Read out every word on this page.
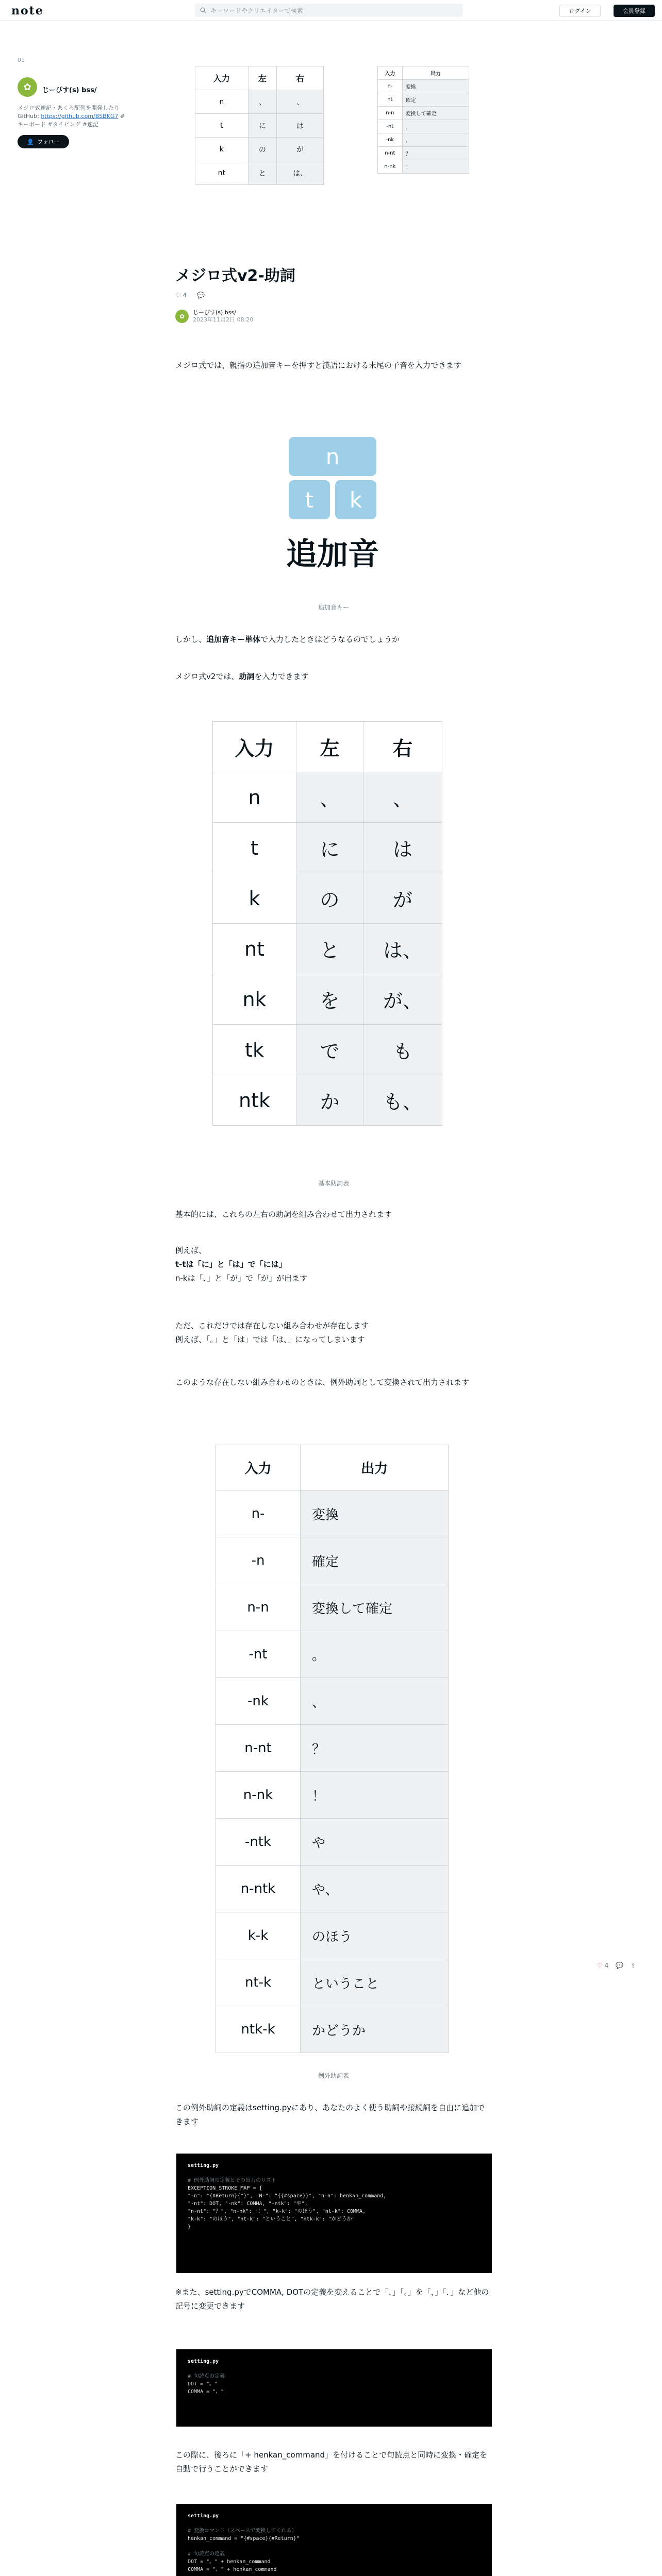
note	キーワードやクリエイターで検索	ログイン	会員登録
01
✿	じーぴす(s) bss/
メジロ式速記・あくろ配列を開発したり GitHub: https://github.com/BSBKG7 #キーボード #タイピング #速記
👤 フォロー
入力	左	右
n	、	、
t	に	は
k	の	が
nt	と	は、
入力	出力
n-	変換
nt	確定
n-n	変換して確定
-nt	。
-nk	、
n-nt	？
n-nk	！
メジロ式v2-助詞
♡ 4 💬
✿
じーぴす(s) bss/
2023年11月2日 08:20
メジロ式では、親指の追加音キーを押すと漢語における末尾の子音を入力できます
n
t	k
追加音
追加音キー
しかし、追加音キー単体で入力したときはどうなるのでしょうか
メジロ式v2では、助詞を入力できます
入力	左	右
n	、	、
t	に	は
k	の	が
nt	と	は、
nk	を	が、
tk	で	も
ntk	か	も、
基本助詞表
基本的には、これらの左右の助詞を組み合わせて出力されます
例えば、
t-tは「に」と「は」で「には」
n-kは「、」と「が」で「が」が出ます
ただ、これだけでは存在しない組み合わせが存在します
例えば、「。」と「は」では「は、」になってしまいます
このような存在しない組み合わせのときは、例外助詞として変換されて出力されます
入力	出力
n-	変換
-n	確定
n-n	変換して確定
-nt	。
-nk	、
n-nt	？
n-nk	！
-ntk	や
n-ntk	や、
k-k	のほう
nt-k	ということ
ntk-k	かどうか
例外助詞表
♡ 4 💬 ⇪
この例外助詞の定義はsetting.pyにあり、あなたのよく使う助詞や接続詞を自由に追加できます
setting.py
# 例外助詞の定義とその出力のリスト
EXCEPTION_STROKE_MAP = {
"-n": "{#Return}{^}", "N-": "{{#space}}", "n-n": henkan_command,
"-nt": DOT, "-nk": COMMA, "-ntk": "や",
"n-nt": "？", "n-nk": "！", "k-k": "のほう", "nt-k": COMMA,
"k-k": "のほう", "nt-k": "ということ", "ntk-k": "かどうか"
}
※また、setting.pyでCOMMA, DOTの定義を変えることで「、」「。」を「，」「．」など他の記号に変更できます
setting.py
# 句読点の定義
DOT = "。"
COMMA = "、"
この際に、後ろに「+ henkan_command」を付けることで句読点と同時に変換・確定を自動で行うことができます
setting.py
# 変換コマンド（スペースで変換してくれる）
henkan_command = "{#space}{#Return}"
# 句読点の定義
DOT = "。" + henkan_command
COMMA = "、" + henkan_command
